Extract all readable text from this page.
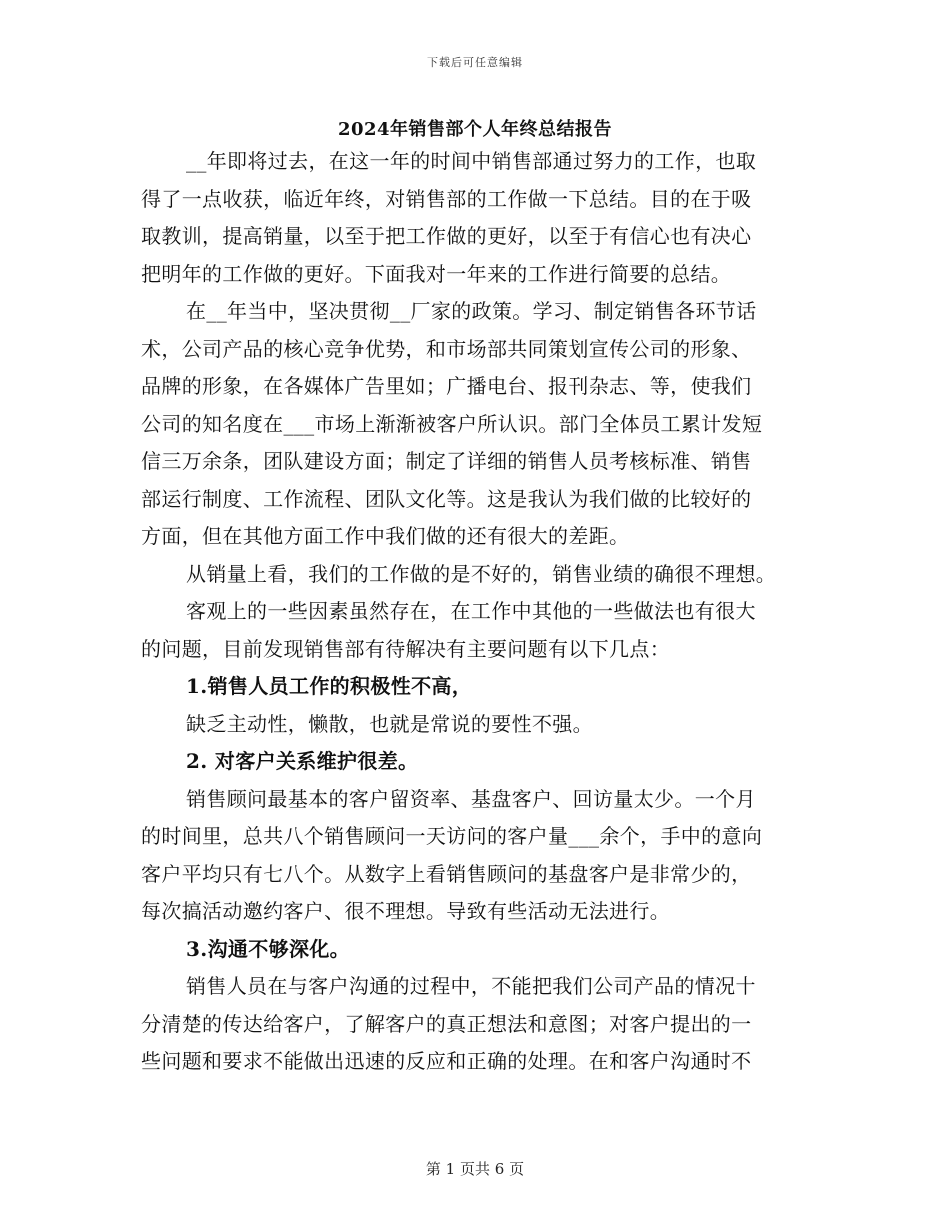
下载后可任意编辑
2024年销售部个人年终总结报告
__年即将过去，在这一年的时间中销售部通过努力的工作，也取
得了一点收获，临近年终，对销售部的工作做一下总结。目的在于吸
取教训，提高销量，以至于把工作做的更好，以至于有信心也有决心
把明年的工作做的更好。下面我对一年来的工作进行简要的总结。
在__年当中，坚决贯彻__厂家的政策。学习、制定销售各环节话
术，公司产品的核心竞争优势，和市场部共同策划宣传公司的形象、
品牌的形象，在各媒体广告里如；广播电台、报刊杂志、等，使我们
公司的知名度在___市场上渐渐被客户所认识。部门全体员工累计发短
信三万余条，团队建设方面；制定了详细的销售人员考核标准、销售
部运行制度、工作流程、团队文化等。这是我认为我们做的比较好的
方面，但在其他方面工作中我们做的还有很大的差距。
从销量上看，我们的工作做的是不好的，销售业绩的确很不理想。
客观上的一些因素虽然存在，在工作中其他的一些做法也有很大
的问题，目前发现销售部有待解决有主要问题有以下几点：
1.销售人员工作的积极性不高，
缺乏主动性，懒散，也就是常说的要性不强。
2. 对客户关系维护很差。
销售顾问最基本的客户留资率、基盘客户、回访量太少。一个月
的时间里，总共八个销售顾问一天访问的客户量___余个，手中的意向
客户平均只有七八个。从数字上看销售顾问的基盘客户是非常少的，
每次搞活动邀约客户、很不理想。导致有些活动无法进行。
3.沟通不够深化。
销售人员在与客户沟通的过程中，不能把我们公司产品的情况十
分清楚的传达给客户，了解客户的真正想法和意图；对客户提出的一
些问题和要求不能做出迅速的反应和正确的处理。在和客户沟通时不
第 1 页共 6 页
